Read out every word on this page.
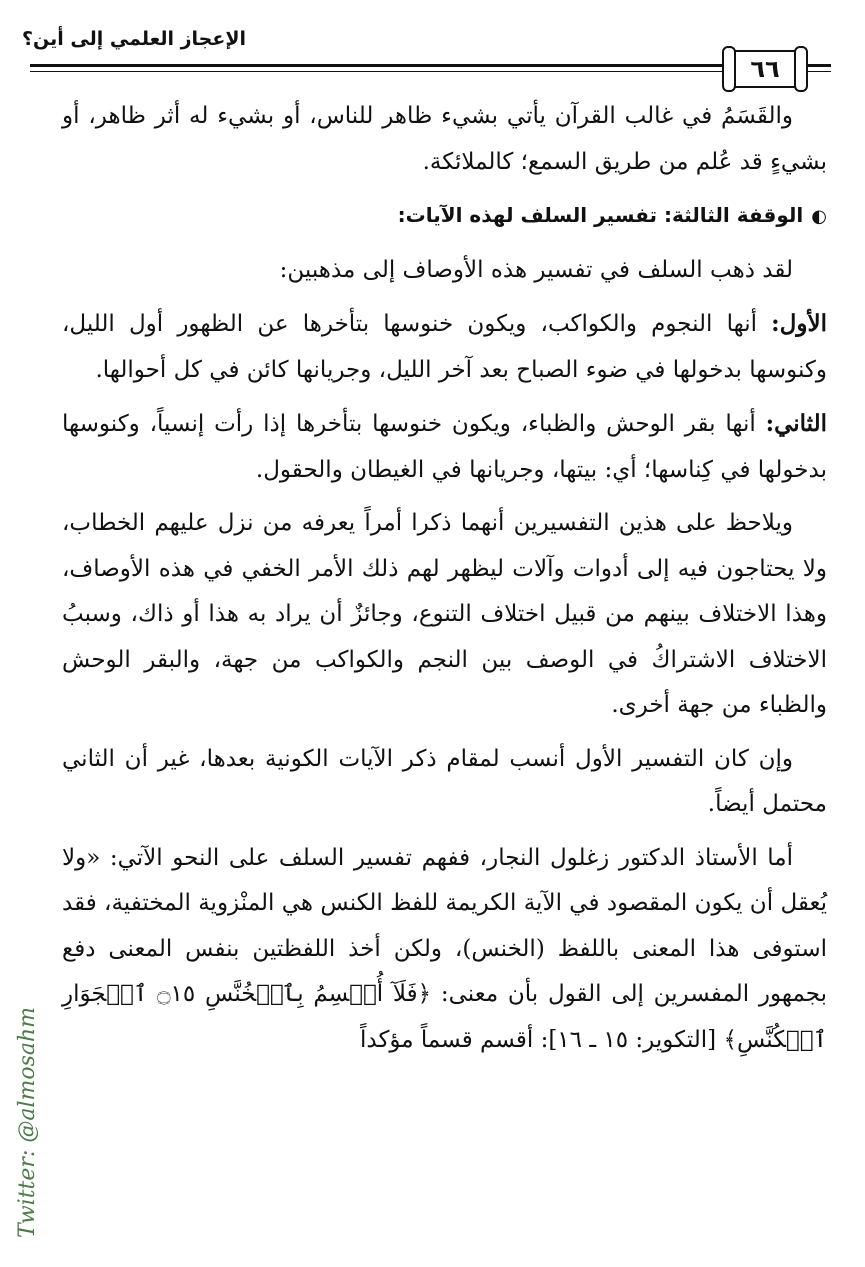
الإعجاز العلمي إلى أين؟
٦٦

والقَسَمُ في غالب القرآن يأتي بشيء ظاهر للناس، أو بشيء له أثر ظاهر، أو بشيءٍ قد عُلم من طريق السمع؛ كالملائكة.

◐الوقفة الثالثة: تفسير السلف لهذه الآيات:

لقد ذهب السلف في تفسير هذه الأوصاف إلى مذهبين:

الأول: أنها النجوم والكواكب، ويكون خنوسها بتأخرها عن الظهور أول الليل، وكنوسها بدخولها في ضوء الصباح بعد آخر الليل، وجريانها كائن في كل أحوالها.

الثاني: أنها بقر الوحش والظباء، ويكون خنوسها بتأخرها إذا رأت إنسياً، وكنوسها بدخولها في كِناسها؛ أي: بيتها، وجريانها في الغيطان والحقول.

ويلاحظ على هذين التفسيرين أنهما ذكرا أمراً يعرفه من نزل عليهم الخطاب، ولا يحتاجون فيه إلى أدوات وآلات ليظهر لهم ذلك الأمر الخفي في هذه الأوصاف، وهذا الاختلاف بينهم من قبيل اختلاف التنوع، وجائزٌ أن يراد به هذا أو ذاك، وسببُ الاختلاف الاشتراكُ في الوصف بين النجم والكواكب من جهة، والبقر الوحش والظباء من جهة أخرى.

وإن كان التفسير الأول أنسب لمقام ذكر الآيات الكونية بعدها، غير أن الثاني محتمل أيضاً.

أما الأستاذ الدكتور زغلول النجار، ففهم تفسير السلف على النحو الآتي: «ولا يُعقل أن يكون المقصود في الآية الكريمة للفظ الكنس هي المنْزوية المختفية، فقد استوفى هذا المعنى باللفظ (الخنس)، ولكن أخذ اللفظتين بنفس المعنى دفع بجمهور المفسرين إلى القول بأن معنى: ﴿فَلَآ أُقۡسِمُ بِٱلۡخُنَّسِ ۝١٥ ٱلۡجَوَارِ ٱلۡكُنَّسِ﴾ [التكوير: ١٥ ـ ١٦]: أقسم قسماً مؤكداً

Twitter: @almosahm
